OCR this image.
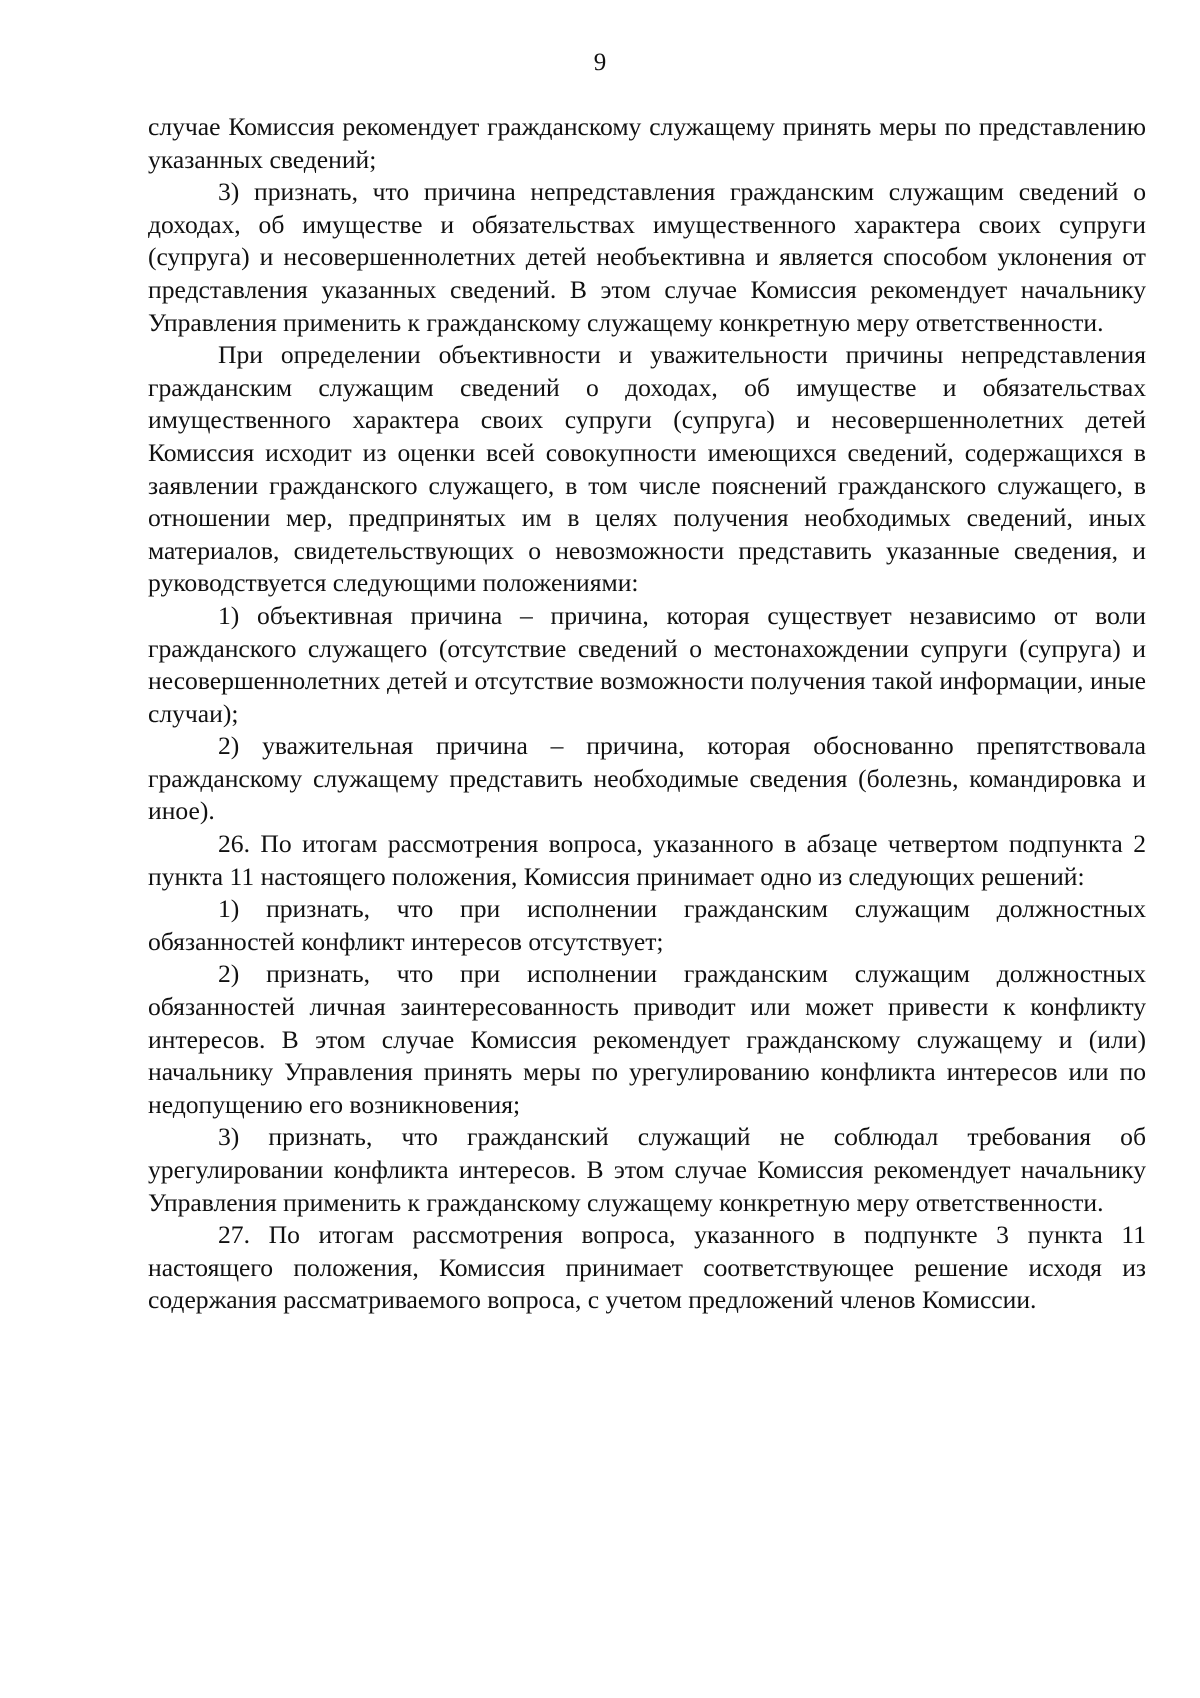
9

случае Комиссия рекомендует гражданскому служащему принять меры по представлению указанных сведений;

3) признать, что причина непредставления гражданским служащим сведений о доходах, об имуществе и обязательствах имущественного характера своих супруги (супруга) и несовершеннолетних детей необъективна и является способом уклонения от представления указанных сведений. В этом случае Комиссия рекомендует начальнику Управления применить к гражданскому служащему конкретную меру ответственности.

При определении объективности и уважительности причины непредставления гражданским служащим сведений о доходах, об имуществе и обязательствах имущественного характера своих супруги (супруга) и несовершеннолетних детей Комиссия исходит из оценки всей совокупности имеющихся сведений, содержащихся в заявлении гражданского служащего, в том числе пояснений гражданского служащего, в отношении мер, предпринятых им в целях получения необходимых сведений, иных материалов, свидетельствующих о невозможности представить указанные сведения, и руководствуется следующими положениями:

1) объективная причина – причина, которая существует независимо от воли гражданского служащего (отсутствие сведений о местонахождении супруги (супруга) и несовершеннолетних детей и отсутствие возможности получения такой информации, иные случаи);

2) уважительная причина – причина, которая обоснованно препятствовала гражданскому служащему представить необходимые сведения (болезнь, командировка и иное).

26. По итогам рассмотрения вопроса, указанного в абзаце четвертом подпункта 2 пункта 11 настоящего положения, Комиссия принимает одно из следующих решений:

1) признать, что при исполнении гражданским служащим должностных обязанностей конфликт интересов отсутствует;

2) признать, что при исполнении гражданским служащим должностных обязанностей личная заинтересованность приводит или может привести к конфликту интересов. В этом случае Комиссия рекомендует гражданскому служащему и (или) начальнику Управления принять меры по урегулированию конфликта интересов или по недопущению его возникновения;

3) признать, что гражданский служащий не соблюдал требования об урегулировании конфликта интересов. В этом случае Комиссия рекомендует начальнику Управления применить к гражданскому служащему конкретную меру ответственности.

27. По итогам рассмотрения вопроса, указанного в подпункте 3 пункта 11 настоящего положения, Комиссия принимает соответствующее решение исходя из содержания рассматриваемого вопроса, с учетом предложений членов Комиссии.
